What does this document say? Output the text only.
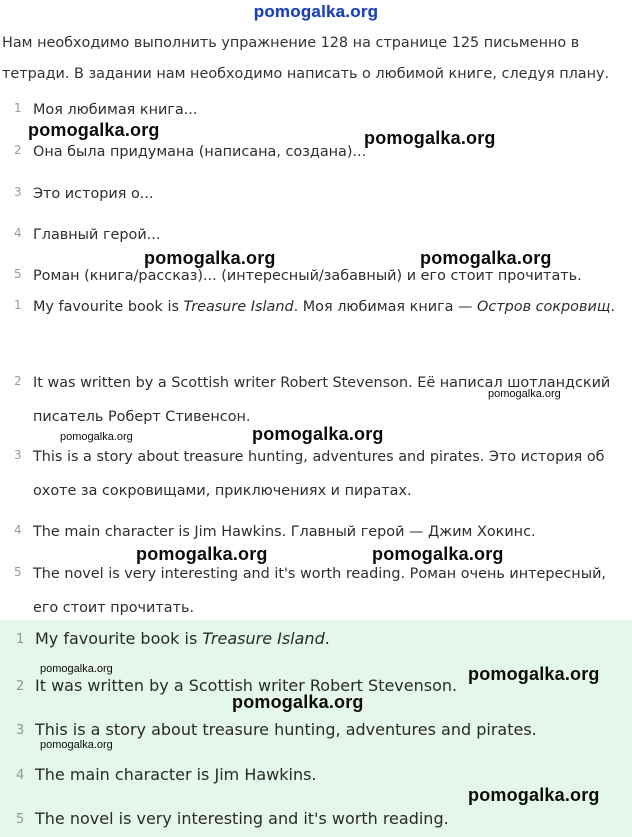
pomogalka.org
Нам необходимо выполнить упражнение 128 на странице 125 письменно в тетради. В задании нам необходимо написать о любимой книге, следуя плану.
1 Моя любимая книга...
2 Она была придумана (написана, создана)...
3 Это история о...
4 Главный герой...
5 Роман (книга/рассказ)... (интересный/забавный) и его стоит прочитать.
1 My favourite book is Treasure Island. Моя любимая книга — Остров сокровищ.
2 It was written by a Scottish writer Robert Stevenson. Её написал шотландский писатель Роберт Стивенсон.
3 This is a story about treasure hunting, adventures and pirates. Это история об охоте за сокровищами, приключениях и пиратах.
4 The main character is Jim Hawkins. Главный герой — Джим Хокинс.
5 The novel is very interesting and it's worth reading. Роман очень интересный, его стоит прочитать.
1 My favourite book is Treasure Island.
2 It was written by a Scottish writer Robert Stevenson.
3 This is a story about treasure hunting, adventures and pirates.
4 The main character is Jim Hawkins.
5 The novel is very interesting and it's worth reading.
pomogalka.org	pomogalka.org
pomogalka.org	pomogalka.org
pomogalka.org
pomogalka.org	pomogalka.org
pomogalka.org	pomogalka.org
pomogalka.org	pomogalka.org
pomogalka.org
pomogalka.org
pomogalka.org
